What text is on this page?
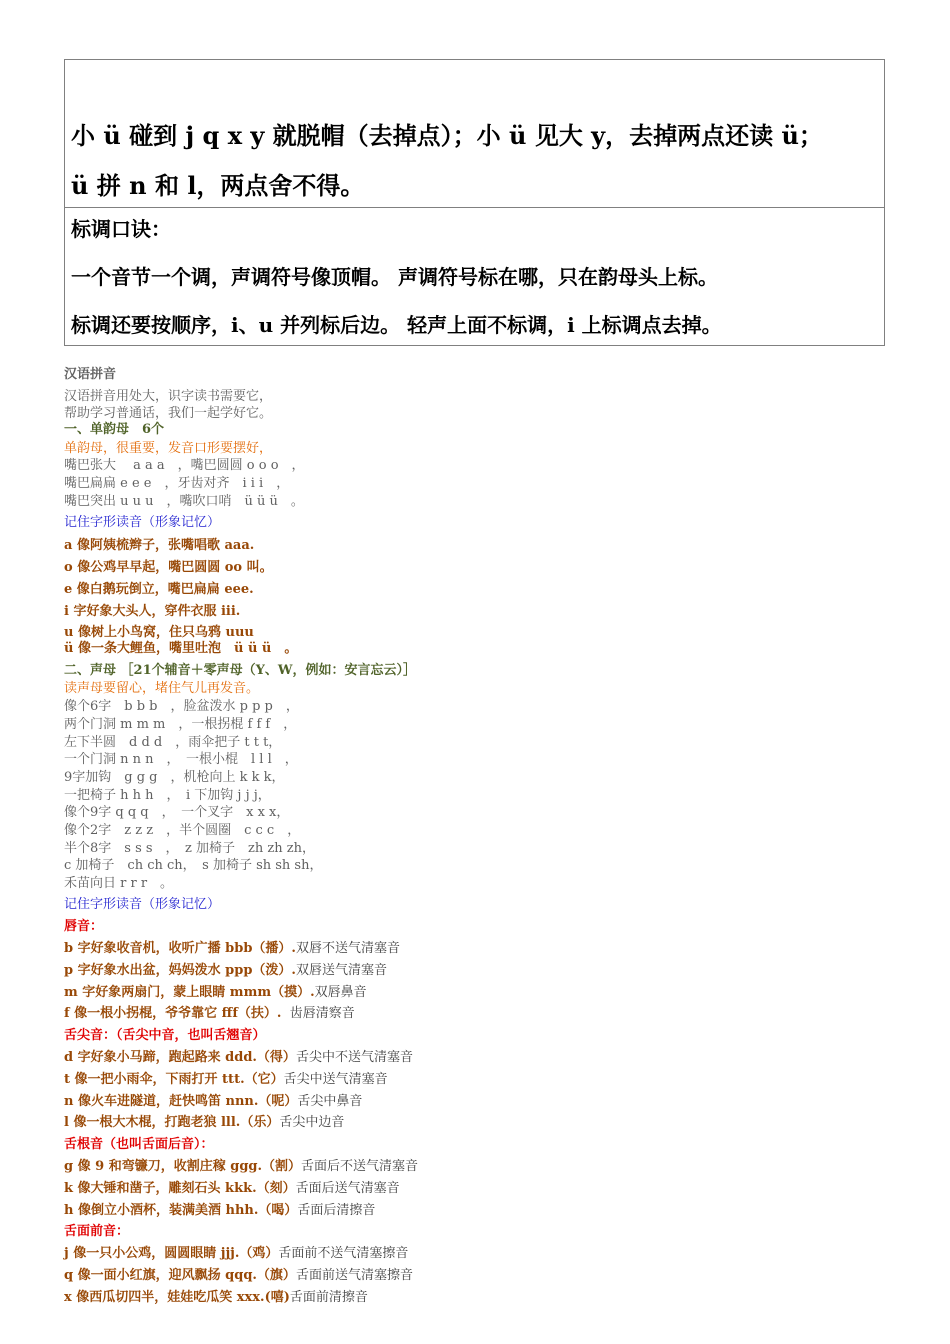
小 ü 碰到 j q x y 就脱帽（去掉点）；小 ü 见大 y，去掉两点还读 ü；
ü 拼 n 和 l，两点舍不得。
标调口诀：
一个音节一个调，声调符号像顶帽。 声调符号标在哪，只在韵母头上标。
标调还要按顺序，i、u 并列标后边。 轻声上面不标调，i 上标调点去掉。
汉语拼音
汉语拼音用处大，识字读书需要它，
帮助学习普通话，我们一起学好它。
一、单韵母　6个
单韵母，很重要，发音口形要摆好，
嘴巴张大　 a a a　，嘴巴圆圆 o o o　，
嘴巴扁扁 e e e　，牙齿对齐　i i i　，
嘴巴突出 u u u　，嘴吹口哨　ü ü ü　。
记住字形读音（形象记忆）
a 像阿姨梳辫子，张嘴唱歌 aaa.
o 像公鸡早早起，嘴巴圆圆 oo 叫。
e 像白鹅玩倒立，嘴巴扁扁 eee.
i 字好象大头人，穿件衣服 iii.
u 像树上小鸟窝，住只乌鸦 uuu
ü 像一条大鲤鱼，嘴里吐泡　ü ü ü　。
二、声母 ［21个辅音＋零声母（Y、W，例如：安言忘云）］
读声母要留心，堵住气儿再发音。
像个6字　b b b　，脸盆泼水 p p p　，
两个门洞 m m m　，一根拐棍 f f f　，
左下半圆　d d d　，雨伞把子 t t t，
一个门洞 n n n　，　一根小棍　l l l　，
9字加钩　g g g　，机枪向上 k k k，
一把椅子 h h h　，　i 下加钩 j j j，
像个9字 q q q　，　一个叉字　x x x，
像个2字　z z z　，半个圆圈　c c c　，
半个8字　s s s　，　z 加椅子　zh zh zh，
c 加椅子　ch ch ch，　s 加椅子 sh sh sh，
禾苗向日 r r r　。
记住字形读音（形象记忆）
唇音：
b 字好象收音机，收听广播 bbb（播）.双唇不送气清塞音
p 字好象水出盆，妈妈泼水 ppp（泼）.双唇送气清塞音
m 字好象两扇门，蒙上眼睛 mmm（摸）.双唇鼻音
f 像一根小拐棍，爷爷靠它 fff（扶）.  齿唇清察音
舌尖音：（舌尖中音，也叫舌翘音）
d 字好象小马蹄，跑起路来 ddd.（得）舌尖中不送气清塞音
t 像一把小雨伞，下雨打开 ttt.（它）舌尖中送气清塞音
n 像火车进隧道，赶快鸣笛 nnn.（呢）舌尖中鼻音
l 像一根大木棍，打跑老狼 lll.（乐）舌尖中边音
舌根音（也叫舌面后音）：
g 像 9 和弯镰刀，收割庄稼 ggg.（割）舌面后不送气清塞音
k 像大锤和凿子，雕刻石头 kkk.（刻）舌面后送气清塞音
h 像倒立小酒杯，装满美酒 hhh.（喝）舌面后清擦音
舌面前音：
j 像一只小公鸡，圆圆眼睛 jjj.（鸡）舌面前不送气清塞擦音
q 像一面小红旗，迎风飘扬 qqq.（旗）舌面前送气清塞擦音
x 像西瓜切四半，娃娃吃瓜笑 xxx.(嘻)舌面前清擦音
